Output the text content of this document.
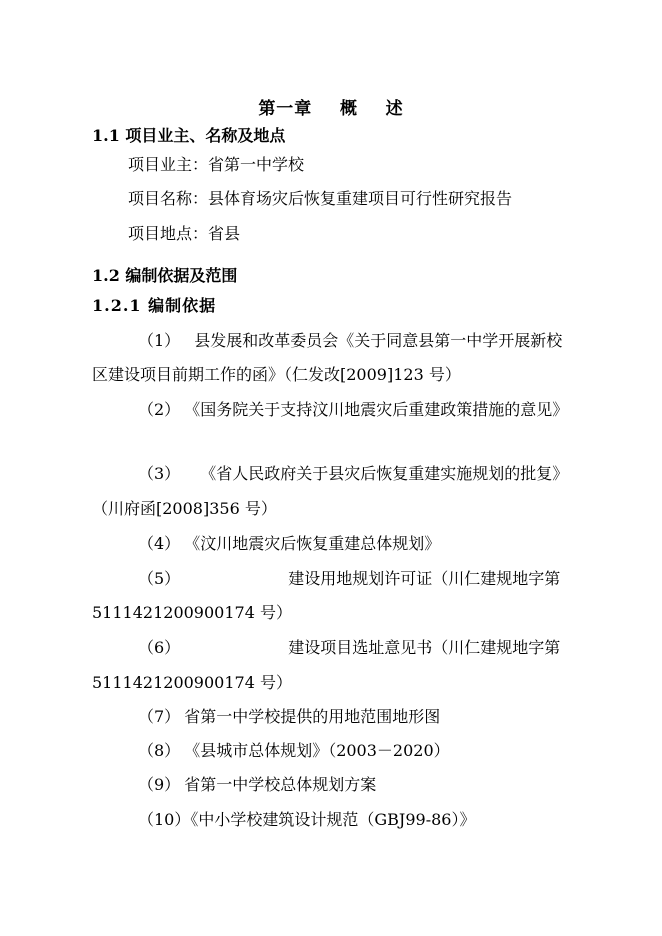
第一章    概    述
1.1 项目业主、名称及地点
项目业主：省第一中学校
项目名称：县体育场灾后恢复重建项目可行性研究报告
项目地点：省县
1.2 编制依据及范围
1.2.1 编制依据
（1） 县发展和改革委员会《关于同意县第一中学开展新校
区建设项目前期工作的函》（仁发改[2009]123 号）
（2） 《国务院关于支持汶川地震灾后重建政策措施的意见》
（3） 《省人民政府关于县灾后恢复重建实施规划的批复》
（川府函[2008]356 号）
（4） 《汶川地震灾后恢复重建总体规划》
（5）	建设用地规划许可证（川仁建规地字第
5111421200900174 号）
（6）	建设项目选址意见书（川仁建规地字第
5111421200900174 号）
（7） 省第一中学校提供的用地范围地形图
（8） 《县城市总体规划》（2003－2020）
（9） 省第一中学校总体规划方案
（10）《中小学校建筑设计规范（GBJ99-86）》
